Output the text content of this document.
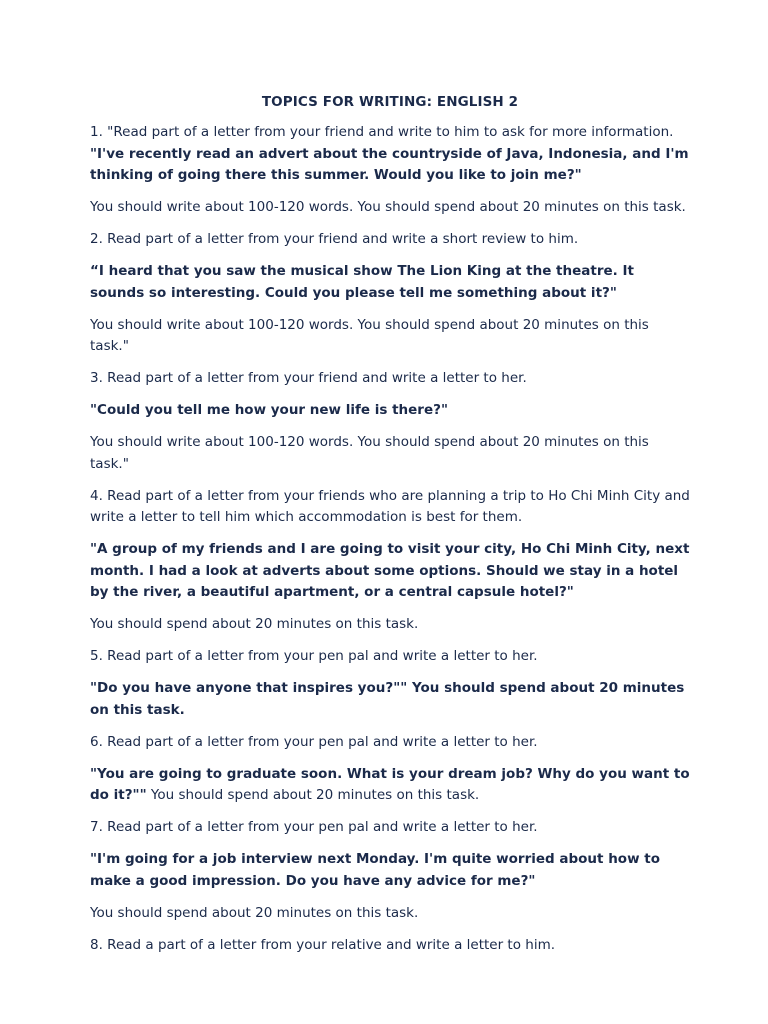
TOPICS FOR WRITING: ENGLISH 2
1. "Read part of a letter from your friend and write to him to ask for more information.
"I've recently read an advert about the countryside of Java, Indonesia, and I'm thinking of going there this summer. Would you like to join me?"
You should write about 100-120 words. You should spend about 20 minutes on this task.
2. Read part of a letter from your friend and write a short review to him.
“I heard that you saw the musical show The Lion King at the theatre. It sounds so interesting. Could you please tell me something about it?"
You should write about 100-120 words. You should spend about 20 minutes on this task."
3. Read part of a letter from your friend and write a letter to her.
"Could you tell me how your new life is there?"
You should write about 100-120 words. You should spend about 20 minutes on this task."
4. Read part of a letter from your friends who are planning a trip to Ho Chi Minh City and write a letter to tell him which accommodation is best for them.
"A group of my friends and I are going to visit your city, Ho Chi Minh City, next month. I had a look at adverts about some options. Should we stay in a hotel by the river, a beautiful apartment, or a central capsule hotel?"
You should spend about 20 minutes on this task.
5. Read part of a letter from your pen pal and write a letter to her.
"Do you have anyone that inspires you?"" You should spend about 20 minutes on this task.
6. Read part of a letter from your pen pal and write a letter to her.
"You are going to graduate soon. What is your dream job? Why do you want to do it?"" You should spend about 20 minutes on this task.
7. Read part of a letter from your pen pal and write a letter to her.
"I'm going for a job interview next Monday. I'm quite worried about how to make a good impression. Do you have any advice for me?"
You should spend about 20 minutes on this task.
8. Read a part of a letter from your relative and write a letter to him.
